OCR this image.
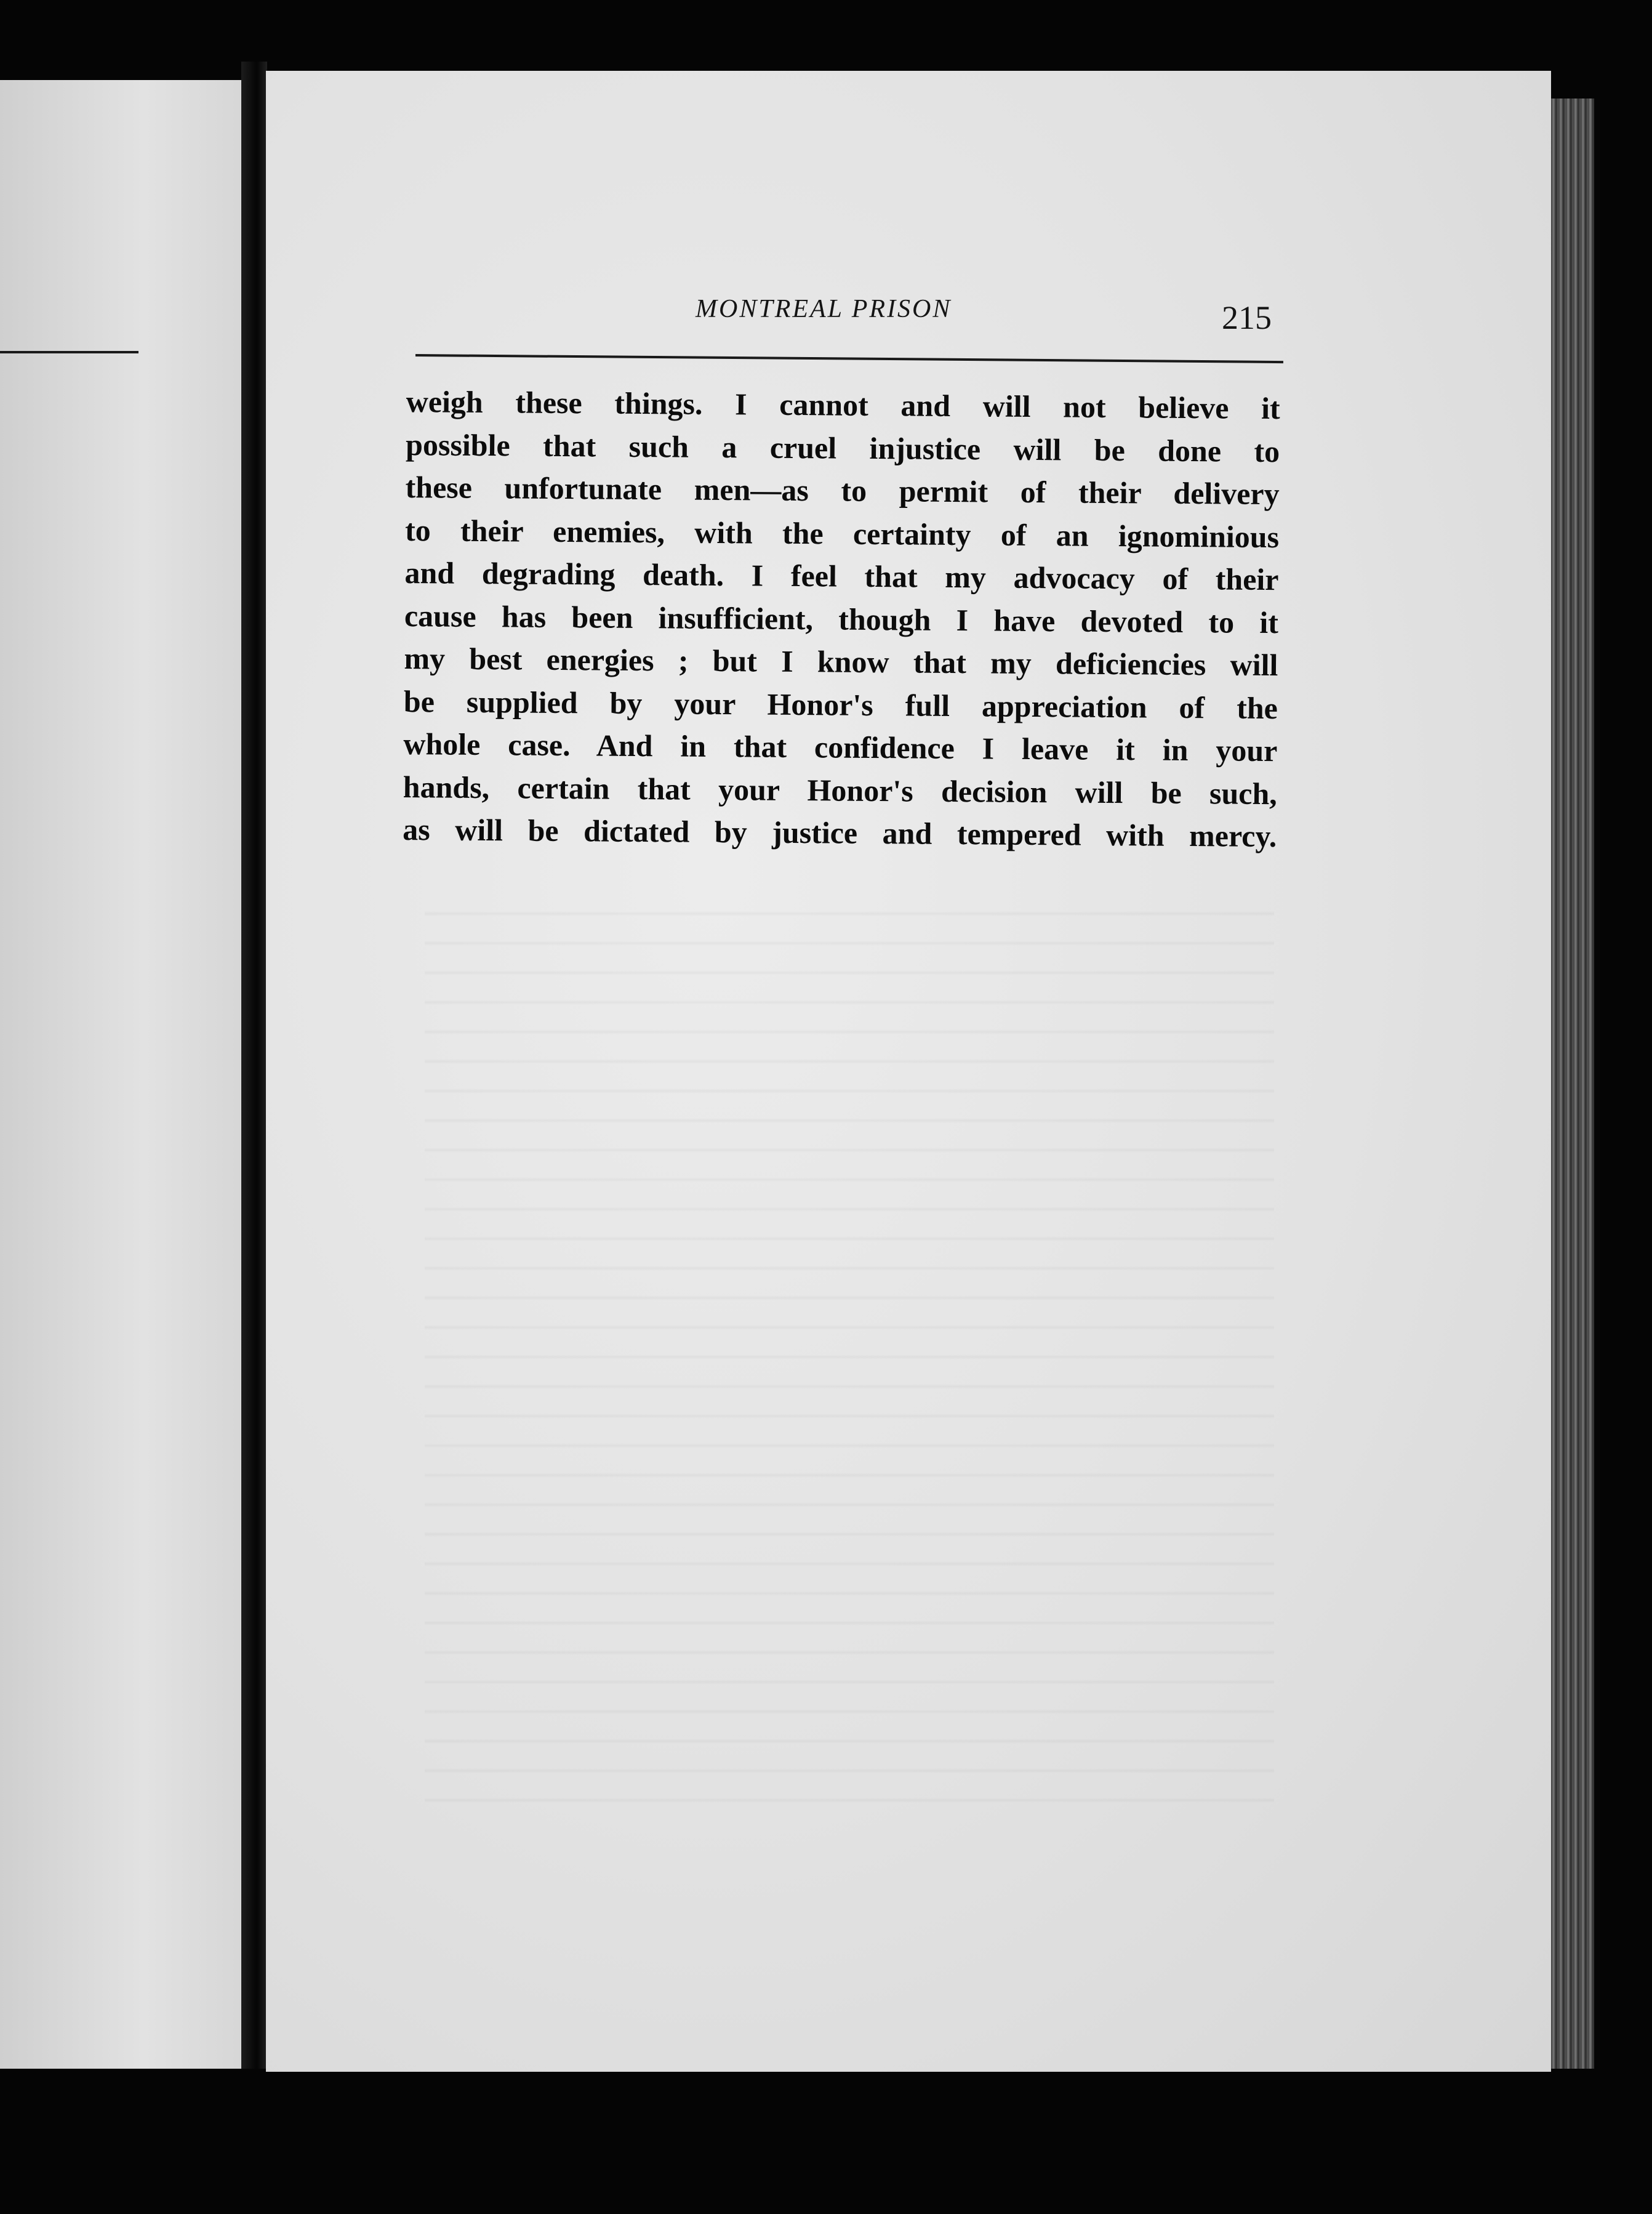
MONTREAL PRISON	215
weigh these things. I cannot and will not believe it
possible that such a cruel injustice will be done to
these unfortunate men—as to permit of their delivery
to their enemies, with the certainty of an ignominious
and degrading death. I feel that my advocacy of their
cause has been insufficient, though I have devoted to it
my best energies ; but I know that my deficiencies will
be supplied by your Honor's full appreciation of the
whole case. And in that confidence I leave it in your
hands, certain that your Honor's decision will be such,
as will be dictated by justice and tempered with mercy.
